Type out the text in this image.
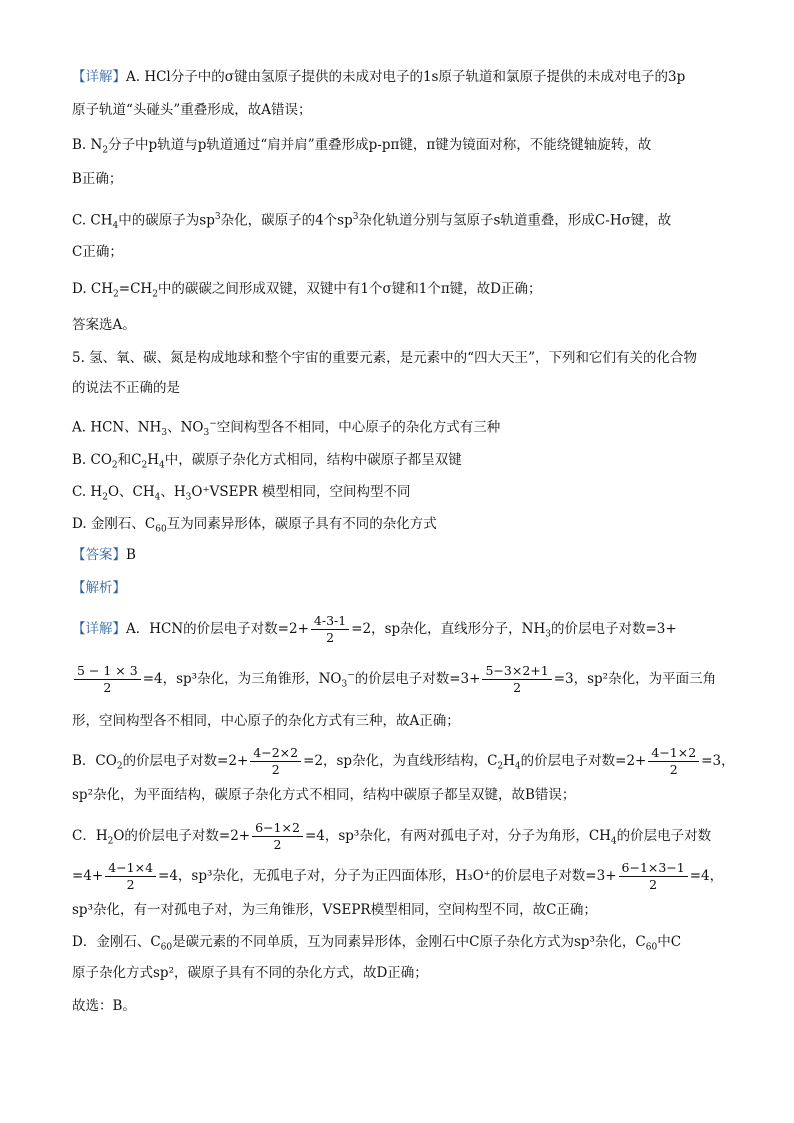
【详解】A. HCl分子中的σ键由氢原子提供的未成对电子的1s原子轨道和氯原子提供的未成对电子的3p
原子轨道“头碰头”重叠形成，故A错误；
B. $N_2$分子中p轨道与p轨道通过“肩并肩”重叠形成p-pπ键，π键为镜面对称，不能绕键轴旋转，故
B正确；
C. $CH_4$中的碳原子为$sp^3$杂化，碳原子的4个$sp^3$杂化轨道分别与氢原子s轨道重叠，形成C-Hσ键，故
C正确；
D. $CH_2=CH_2$中的碳碳之间形成双键，双键中有1个σ键和1个π键，故D正确；
答案选A。
5. 氢、氧、碳、氮是构成地球和整个宇宙的重要元素，是元素中的“四大天王”，下列和它们有关的化合物
的说法不正确的是
A. HCN、$NH_3$、$NO_3^-$空间构型各不相同，中心原子的杂化方式有三种
B. $CO_2$和$C_2H_4$中，碳原子杂化方式相同，结构中碳原子都呈双键
C. $H_2O$、$CH_4$、$H_3O^+VSEPR$ 模型相同，空间构型不同
D. 金刚石、$C_{60}$互为同素异形体，碳原子具有不同的杂化方式
【答案】B
【解析】
【详解】A．HCN的价层电子对数$=2+ \frac{4-3-1}{2} =2$，sp杂化，直线形分子，$NH_3$的价层电子对数=3+
$\frac{5 - 1 \times 3}{2} =4$，sp³杂化，为三角锥形，$NO_3^-$的价层电子对数$=3+ \frac{5-3\times 2+1}{2} =3$，sp²杂化，为平面三角
形，空间构型各不相同，中心原子的杂化方式有三种，故A正确；
B．$CO_2$的价层电子对数$=2+ \frac{4-2\times 2}{2} =2$，sp杂化，为直线形结构，$C_2H_4$的价层电子对数$=2+ \frac{4-1\times 2}{2} =3$，
sp²杂化，为平面结构，碳原子杂化方式不相同，结构中碳原子都呈双键，故B错误；
C．$H_2O$的价层电子对数$=2+ \frac{6-1\times 2}{2} =4$，sp³杂化，有两对孤电子对，分子为角形，$CH_4$的价层电子对数
$=4+ \frac{4-1\times 4}{2} =4$，sp³杂化，无孤电子对，分子为正四面体形，H₃O⁺的价层电子对数$=3+ \frac{6-1\times 3-1}{2} =4$，
sp³杂化，有一对孤电子对，为三角锥形，VSEPR模型相同，空间构型不同，故C正确；
D．金刚石、$C_{60}$是碳元素的不同单质，互为同素异形体，金刚石中C原子杂化方式为sp³杂化，$C_{60}$中C
原子杂化方式sp²，碳原子具有不同的杂化方式，故D正确；
故选：B。
